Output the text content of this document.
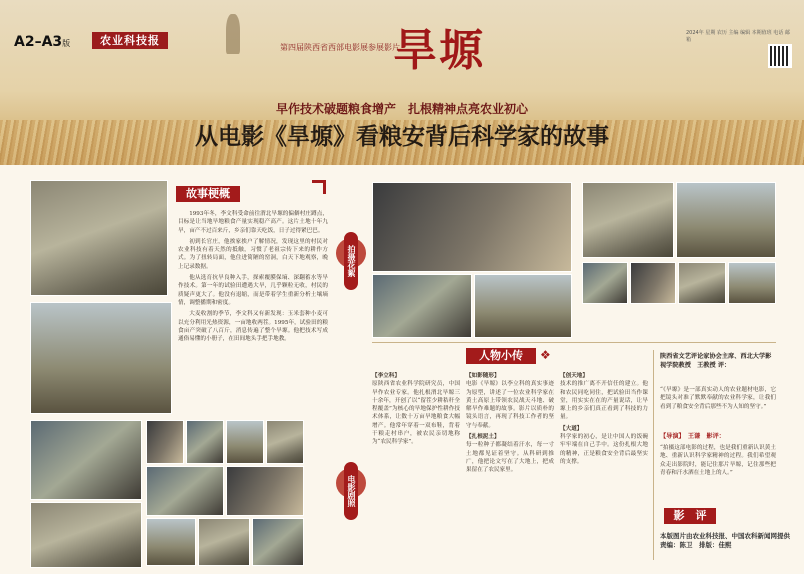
A2–A3版	农业科技报
第四届陕西省西部电影展参展影片
旱塬	2024年 星期 农历 主编 编辑 本期值班 电话 邮箱
早作技术破题粮食增产　扎根精神点亮农业初心
从电影《旱塬》看粮安背后科学家的故事
故事梗概

1993年冬，李文科受命前往渭北旱塬的偏僻村庄蹲点，目标是让当地旱地粮食产量实现稳产高产。这片土地十年九旱，亩产不过百来斤，乡亲们靠天吃饭，日子过得紧巴巴。

初到长官庄，他挨家挨户了解情况，发现这里的村民对农业科技有着天然的抵触，习惯了老祖宗传下来的耕作方式。为了扭转局面，他住进简陋的窑洞，白天下地观察，晚上记录数据。

他从选育抗旱良种入手，探索覆膜保墒、深翻蓄水等旱作技术。第一年的试验田遭遇大旱，几乎颗粒无收，村民的质疑声更大了。他没有退缩，而是带着学生重新分析土壤墒情，调整播期和密度。

大麦收割的季节，李文科又有新发现：玉米套种小麦可以充分利用光热资源，一亩地收两茬。1995年，试验田的粮食亩产突破了八百斤，消息传遍了整个旱塬。他把技术写成通俗易懂的小册子，在田间地头手把手地教。

拍摄花絮
电影剧照
人物小传	❖
【李立科】
原陕西省农业科学院研究员，中国旱作农业专家。他扎根渭北旱塬三十余年，开创了以“留茬少耕秸秆全程覆盖”为核心的旱地保护性耕作技术体系，让数十万亩旱地粮食大幅增产。他常年穿着一双布鞋，背着干粮走村串户，被农民亲切地称为“农民科学家”。
【如影随形】
电影《旱塬》以李立科的真实事迹为原型，讲述了一位农业科学家在黄土高原上带领农民战天斗地、破解旱作难题的故事。影片以质朴的镜头语言，再现了科技工作者的坚守与奉献。
【扎根泥土】
每一粒种子都凝结着汗水，每一寸土地都见证着坚守。从科研到推广，他把论文写在了大地上，把成果留在了农民家里。
【创天地】
技术的推广离不开信任的建立。他和农民同吃同住，把试验田当作课堂，用实实在在的产量说话，让旱塬上的乡亲们真正看到了科技的力量。
【大道】
科学家的初心，是让中国人的饭碗牢牢端在自己手中。这份扎根大地的精神，正是粮食安全背后最坚实的支撑。
陕西省文艺评论家协会主席、西北大学影视学院教授　王教授 评：
“《旱塬》是一部真实动人的农业题材电影，它把镜头对准了默默奉献的农业科学家，让我们看到了粮食安全背后那些不为人知的坚守。”
【导演】　王谦　影评：
“拍摄这部电影的过程，也是我们重新认识黄土地、重新认识科学家精神的过程。我们希望观众走出影院时，能记住那片旱塬，记住那些把青春和汗水洒在土地上的人。”
影　评
本版图片由农业科技报、中国农科新闻网提供　责编：陈卫　排版：佳熙
